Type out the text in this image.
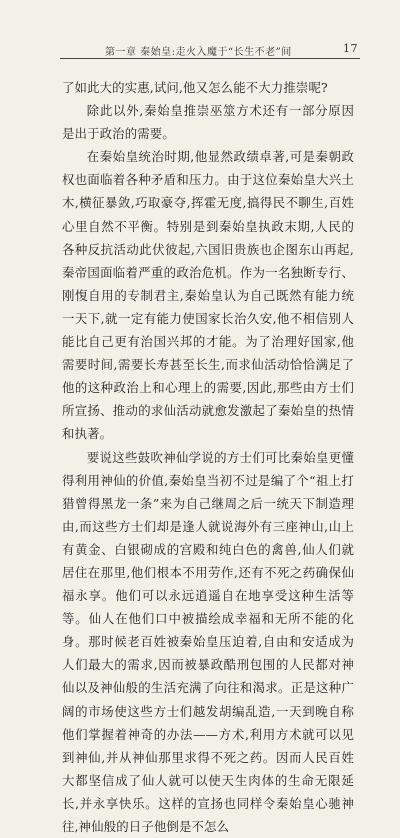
第一章 秦始皇:走火入魔于“长生不老”间	17

了如此大的实惠,试问,他又怎么能不大力推崇呢?

除此以外,秦始皇推崇巫筮方术还有一部分原因是出于政治的需要。

在秦始皇统治时期,他显然政绩卓著,可是秦朝政权也面临着各种矛盾和压力。由于这位秦始皇大兴土木,横征暴敛,巧取豪夺,挥霍无度,搞得民不聊生,百姓心里自然不平衡。特别是到秦始皇执政末期,人民的各种反抗活动此伏彼起,六国旧贵族也企图东山再起,秦帝国面临着严重的政治危机。作为一名独断专行、刚愎自用的专制君主,秦始皇认为自己既然有能力统一天下,就一定有能力使国家长治久安,他不相信别人能比自己更有治国兴邦的才能。为了治理好国家,他需要时间,需要长寿甚至长生,而求仙活动恰恰满足了他的这种政治上和心理上的需要,因此,那些由方士们所宣扬、推动的求仙活动就愈发激起了秦始皇的热情和执著。

要说这些鼓吹神仙学说的方士们可比秦始皇更懂得利用神仙的价值,秦始皇当初不过是编了个“祖上打猎曾得黑龙一条”来为自己继周之后一统天下制造理由,而这些方士们却是逢人就说海外有三座神山,山上有黄金、白银砌成的宫殿和纯白色的禽兽,仙人们就居住在那里,他们根本不用劳作,还有不死之药确保仙福永享。他们可以永远逍遥自在地享受这种生活等等。仙人在他们口中被描绘成幸福和无所不能的化身。那时候老百姓被秦始皇压迫着,自由和安适成为人们最大的需求,因而被暴政酷刑包围的人民都对神仙以及神仙般的生活充满了向往和渴求。正是这种广阔的市场使这些方士们越发胡编乱造,一天到晚自称他们掌握着神奇的办法——方术,利用方术就可以见到神仙,并从神仙那里求得不死之药。因而人民百姓大都坚信成了仙人就可以使天生肉体的生命无限延长,并永享快乐。这样的宣扬也同样令秦始皇心驰神往,神仙般的日子他倒是不怎么
